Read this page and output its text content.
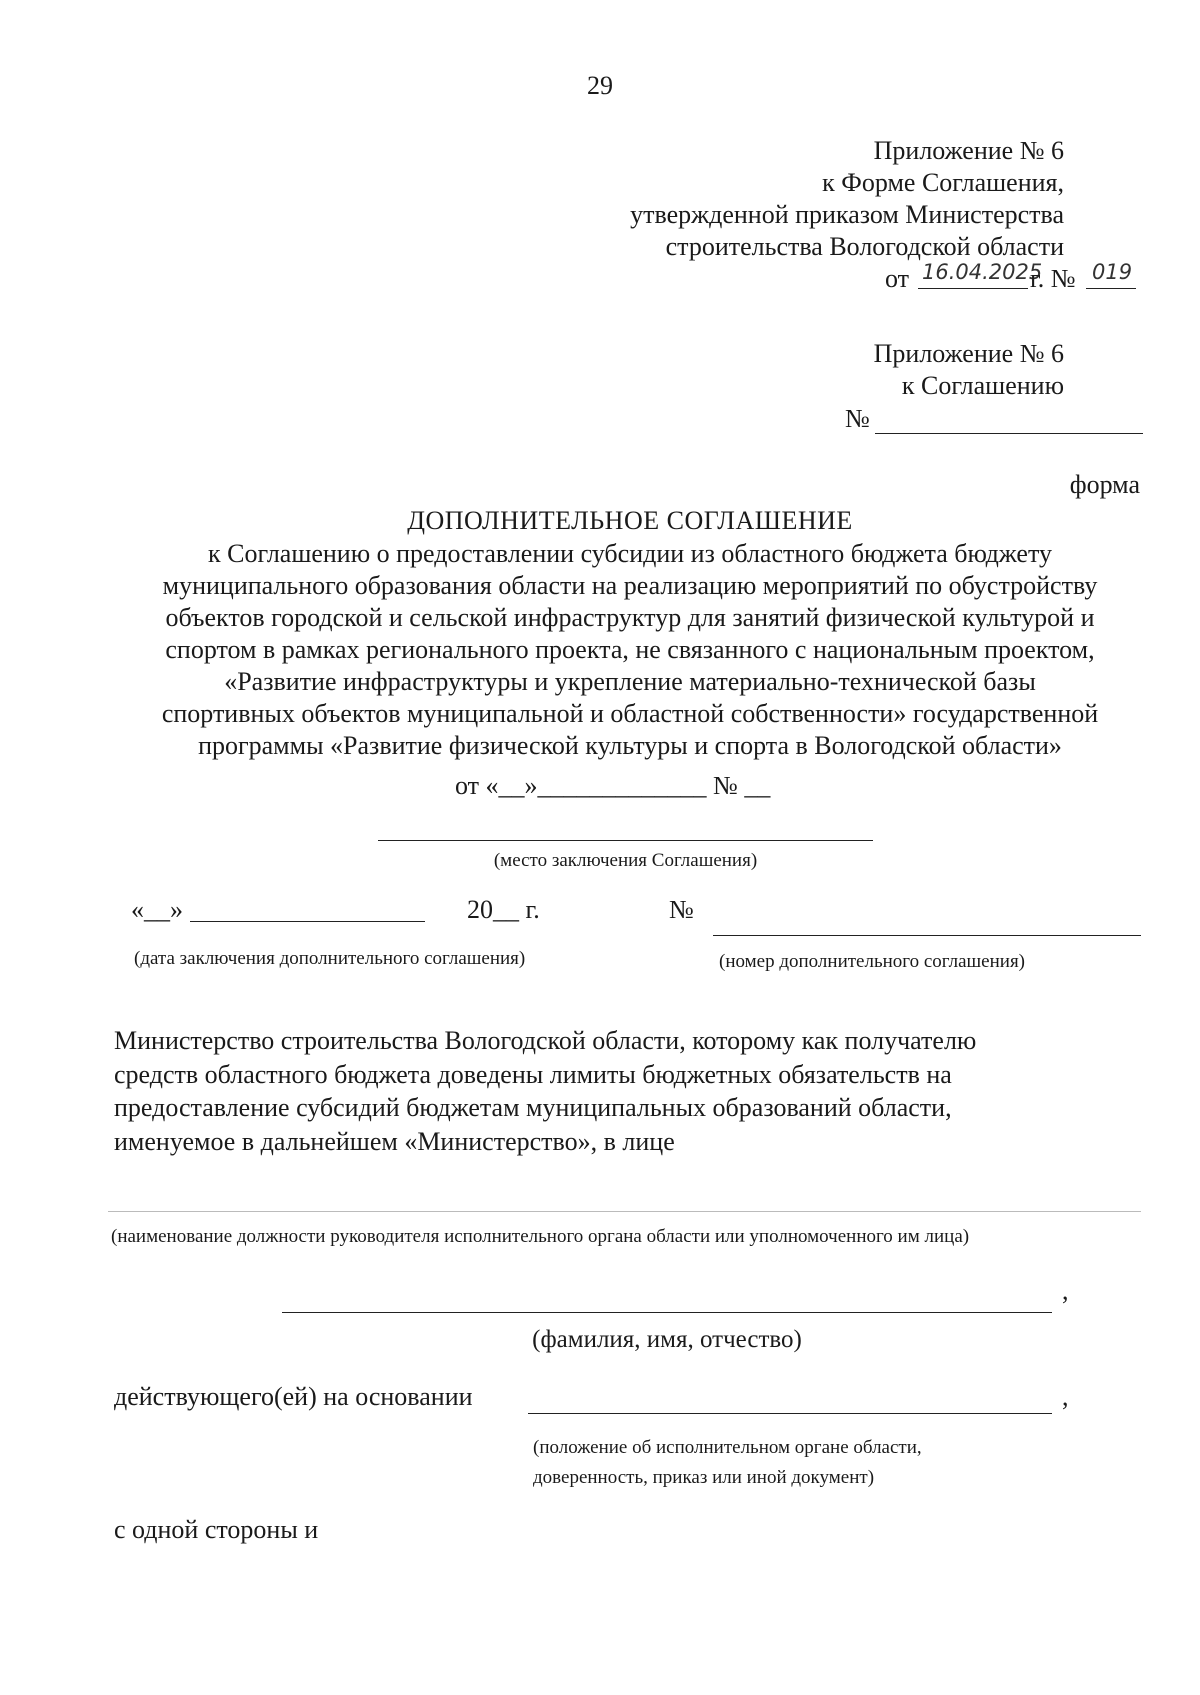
29
Приложение № 6
к Форме Соглашения,
утвержденной приказом Министерства
строительства Вологодской области
от 16.04.2025
г. № 019
Приложение № 6
к Соглашению
№
форма
ДОПОЛНИТЕЛЬНОЕ СОГЛАШЕНИЕ
к Соглашению о предоставлении субсидии из областного бюджета бюджету
муниципального образования области на реализацию мероприятий по обустройству
объектов городской и сельской инфраструктур для занятий физической культурой и
спортом в рамках регионального проекта, не связанного с национальным проектом,
«Развитие инфраструктуры и укрепление материально-технической базы
спортивных объектов муниципальной и областной собственности» государственной
программы «Развитие физической культуры и спорта в Вологодской области»
от «__»_____________ № __
(место заключения Соглашения)
«__»	20__ г.	№
(дата заключения дополнительного соглашения)	(номер дополнительного соглашения)
Министерство строительства Вологодской области, которому как получателю
средств областного бюджета доведены лимиты бюджетных обязательств на
предоставление субсидий бюджетам муниципальных образований области,
именуемое в дальнейшем «Министерство», в лице
(наименование должности руководителя исполнительного органа области или уполномоченного им лица)
,
(фамилия, имя, отчество)
действующего(ей) на основании	,
(положение об исполнительном органе области,
доверенность, приказ или иной документ)
с одной стороны и
